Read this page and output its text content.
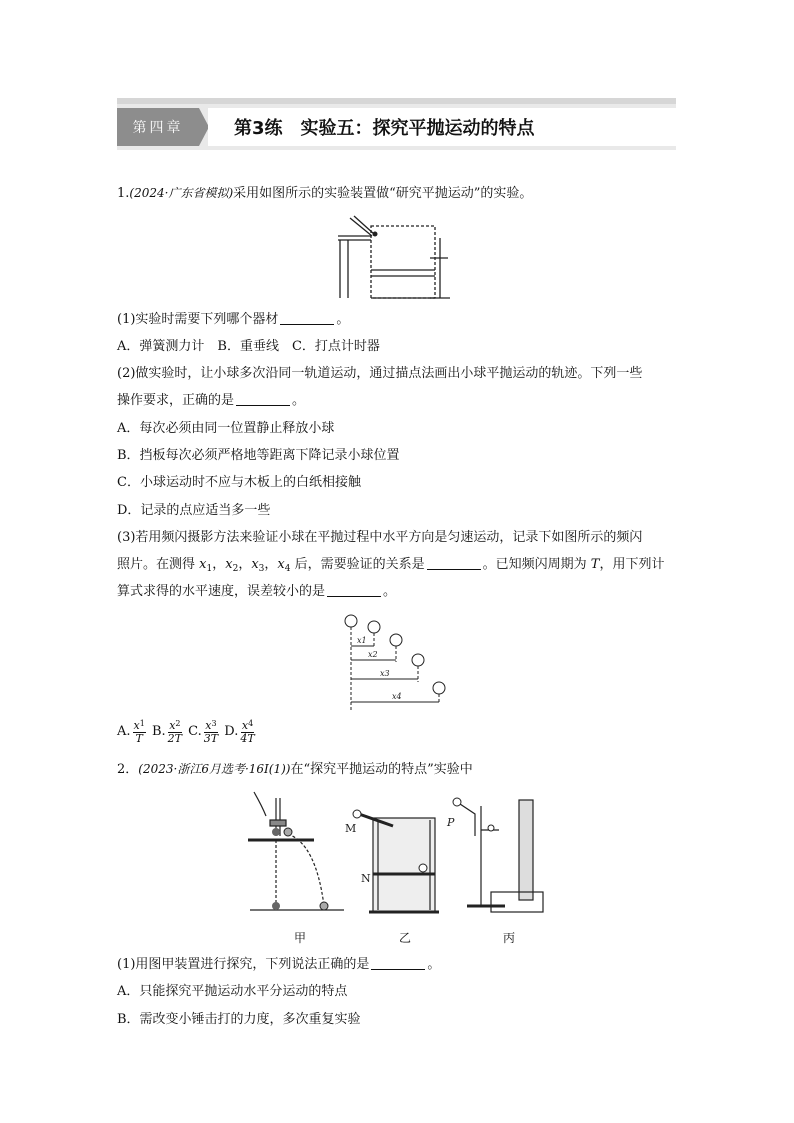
第四章	第3练 实验五：探究平抛运动的特点
1.(2024·广东省模拟)采用如图所示的实验装置做“研究平抛运动”的实验。
(1)实验时需要下列哪个器材	。
A．弹簧测力计　B．重垂线　C．打点计时器
(2)做实验时，让小球多次沿同一轨道运动，通过描点法画出小球平抛运动的轨迹。下列一些
操作要求，正确的是	。
A．每次必须由同一位置静止释放小球
B．挡板每次必须严格地等距离下降记录小球位置
C．小球运动时不应与木板上的白纸相接触
D．记录的点应适当多一些
(3)若用频闪摄影方法来验证小球在平抛过程中水平方向是匀速运动，记录下如图所示的频闪
照片。在测得 $x_1$，$x_2$，$x_3$，$x_4$ 后，需要验证的关系是	。已知频闪周期为 T，用下列计
算式求得的水平速度，误差较小的是	。
x1
x2
x3
x4
A. $\frac{x^1}{T} B$. $\frac{x^2}{2T} C$. $\frac{x^3}{3T} D$. $\frac{x^4}{4T}$
2．(2023·浙江6月选考·16Ⅰ(1))在“探究平抛运动的特点”实验中
M
N
P
甲	乙	丙
(1)用图甲装置进行探究，下列说法正确的是	。
A．只能探究平抛运动水平分运动的特点
B．需改变小锤击打的力度，多次重复实验
